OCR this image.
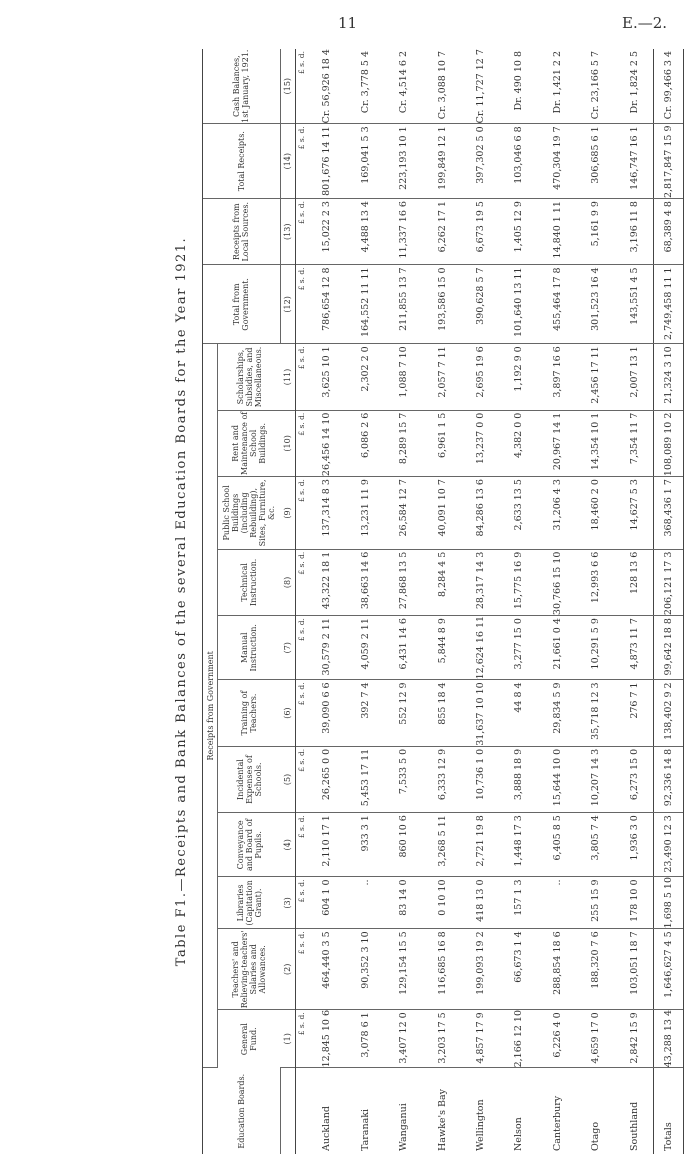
11	E.—2.
Table F1.—Receipts and Bank Balances of the several Education Boards for the Year 1921.
Education Boards.	Receipts from Government											Total from Government.	Receipts from Local Sources.	Total Receipts.	Cash Balances, 1st January, 1921.
	General Fund.	Teachers' and Relieving-teachers' Salaries and Allowances.	Libraries (Capitation Grant).	Conveyance and Board of Pupils.	Incidental Expenses of Schools.	Training of Teachers.	Manual Instruction.	Technical Instruction.	Public School Buildings (including Rebuilding), Sites, Furniture, &c.	Rent and Maintenance of School Buildings.	Scholarships, Subsidies, and Miscellaneous.				
	(1)	(2)	(3)	(4)	(5)	(6)	(7)	(8)	(9)	(10)	(11)	(12)	(13)	(14)	(15)
	£ s. d.	£ s. d.	£ s. d.	£ s. d.	£ s. d.	£ s. d.	£ s. d.	£ s. d.	£ s. d.	£ s. d.	£ s. d.	£ s. d.	£ s. d.	£ s. d.	£ s. d.
Auckland	12,845 10 6	464,440 3 5	604 1 0	2,110 17 1	26,265 0 0	39,090 6 6	30,579 2 11	43,322 18 1	137,314 8 3	26,456 14 10	3,625 10 1	786,654 12 8	15,022 2 3	801,676 14 11	Cr. 56,926 18 4
Taranaki	3,078 6 1	90,352 3 10	..	933 3 1	5,453 17 11	392 7 4	4,059 2 11	38,663 14 6	13,231 11 9	6,086 2 6	2,302 2 0	164,552 11 11	4,488 13 4	169,041 5 3	Cr. 3,778 5 4
Wanganui	3,407 12 0	129,154 15 5	83 14 0	860 10 6	7,533 5 0	552 12 9	6,431 14 6	27,868 13 5	26,584 12 7	8,289 15 7	1,088 7 10	211,855 13 7	11,337 16 6	223,193 10 1	Cr. 4,514 6 2
Hawke's Bay	3,203 17 5	116,685 16 8	0 10 10	3,268 5 11	6,333 12 9	855 18 4	5,844 8 9	8,284 4 5	40,091 10 7	6,961 1 5	2,057 7 11	193,586 15 0	6,262 17 1	199,849 12 1	Cr. 3,088 10 7
Wellington	4,857 17 9	199,093 19 2	418 13 0	2,721 19 8	10,736 1 0	31,637 10 10	12,624 16 11	28,317 14 3	84,286 13 6	13,237 0 0	2,695 19 6	390,628 5 7	6,673 19 5	397,302 5 0	Cr. 11,727 12 7
Nelson	2,166 12 10	66,673 1 4	157 1 3	1,448 17 3	3,888 18 9	44 8 4	3,277 15 0	15,775 16 9	2,633 13 5	4,382 0 0	1,192 9 0	101,640 13 11	1,405 12 9	103,046 6 8	Dr. 490 10 8
Canterbury	6,226 4 0	288,854 18 6	..	6,405 8 5	15,644 10 0	29,834 5 9	21,661 0 4	30,766 15 10	31,206 4 3	20,967 14 1	3,897 16 6	455,464 17 8	14,840 1 11	470,304 19 7	Dr. 1,421 2 2
Otago	4,659 17 0	188,320 7 6	255 15 9	3,805 7 4	10,207 14 3	35,718 12 3	10,291 5 9	12,993 6 6	18,460 2 0	14,354 10 1	2,456 17 11	301,523 16 4	5,161 9 9	306,685 6 1	Cr. 23,166 5 7
Southland	2,842 15 9	103,051 18 7	178 10 0	1,936 3 0	6,273 15 0	276 7 1	4,873 11 7	128 13 6	14,627 5 3	7,354 11 7	2,007 13 1	143,551 4 5	3,196 11 8	146,747 16 1	Dr. 1,824 2 5
Totals	43,288 13 4	1,646,627 4 5	1,698 5 10	23,490 12 3	92,336 14 8	138,402 9 2	99,642 18 8	206,121 17 3	368,436 1 7	108,089 10 2	21,324 3 10	2,749,458 11 1	68,389 4 8	2,817,847 15 9	Cr. 99,466 3 4
